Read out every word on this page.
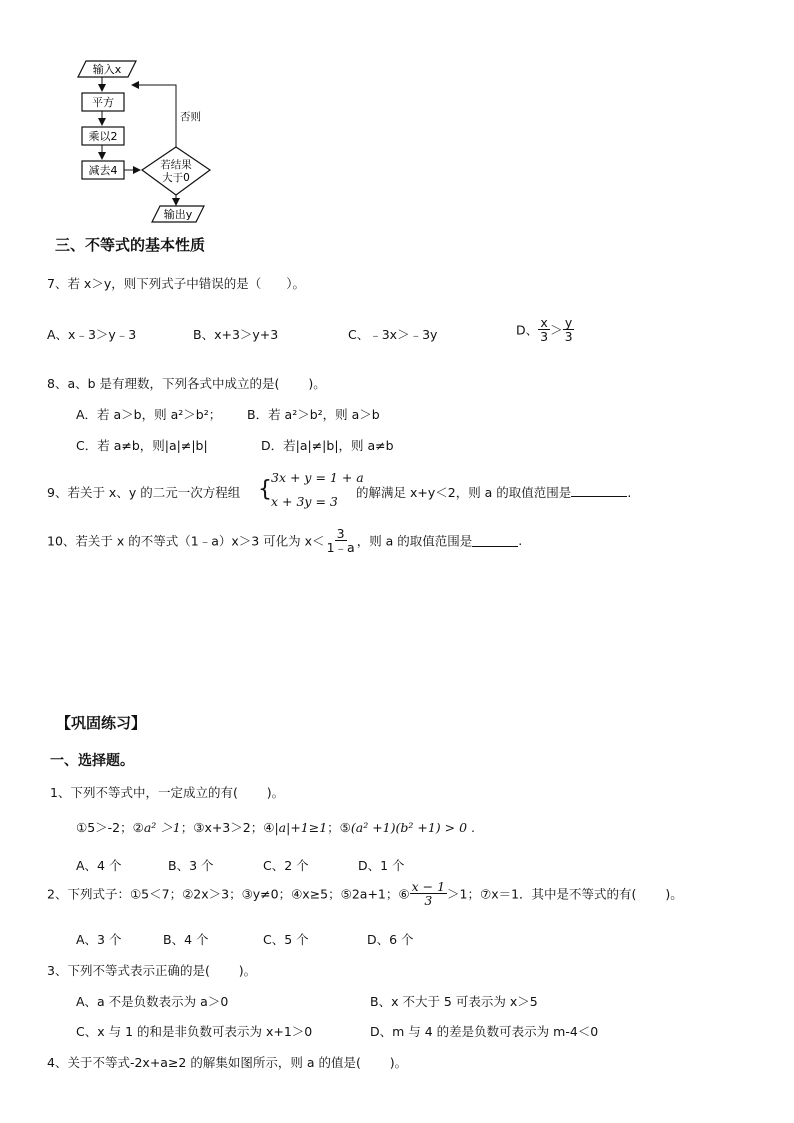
输入x
平方
乘以2
减去4	若结果
大于0
否则
输出y
三、不等式的基本性质
7、若 x＞y，则下列式子中错误的是（　　）。
A、x﹣3＞y﹣3	B、x+3＞y+3	C、﹣3x＞﹣3y	D、 $\frac{x}{3} > \frac{y}{3}$
8、a、b 是有理数，下列各式中成立的是(　　 )。
A．若 a＞b，则 a²＞b²； B．若 a²＞b²，则 a＞b
C．若 a≠b，则|a|≠|b|	D．若|a|≠|b|，则 a≠b
9、若关于 x、y 的二元一次方程组 { 3x + y = 1 + a
x + 3y = 3
的解满足 x+y＜2，则 a 的取值范围是	.
10、若关于 x 的不等式（1﹣a）x＞3 可化为 $x< \frac{3}{1﹣a}$ ，则 a 的取值范围是	.
【巩固练习】
一、选择题。
1、下列不等式中，一定成立的有(　　 )。
①5＞-2；②a² ＞1；③x+3＞2；④|a|+1≥1；⑤(a² +1)(b² +1) > 0 .
A、4 个	B、3 个	C、2 个	D、1 个
2、下列式子：①5＜7；②2x＞3；③y≠0；④x≥5；⑤2a+1；⑥ $\frac{x - 1}{3} >1$；⑦x＝1．其中是不等式的有(　　 )。
A、3 个	B、4 个	C、5 个	D、6 个
3、下列不等式表示正确的是(　　 )。
A、a 不是负数表示为 a＞0	B、x 不大于 5 可表示为 x＞5
C、x 与 1 的和是非负数可表示为 x+1＞0	D、m 与 4 的差是负数可表示为 m-4＜0
4、关于不等式-2x+a≥2 的解集如图所示，则 a 的值是(　　 )。
